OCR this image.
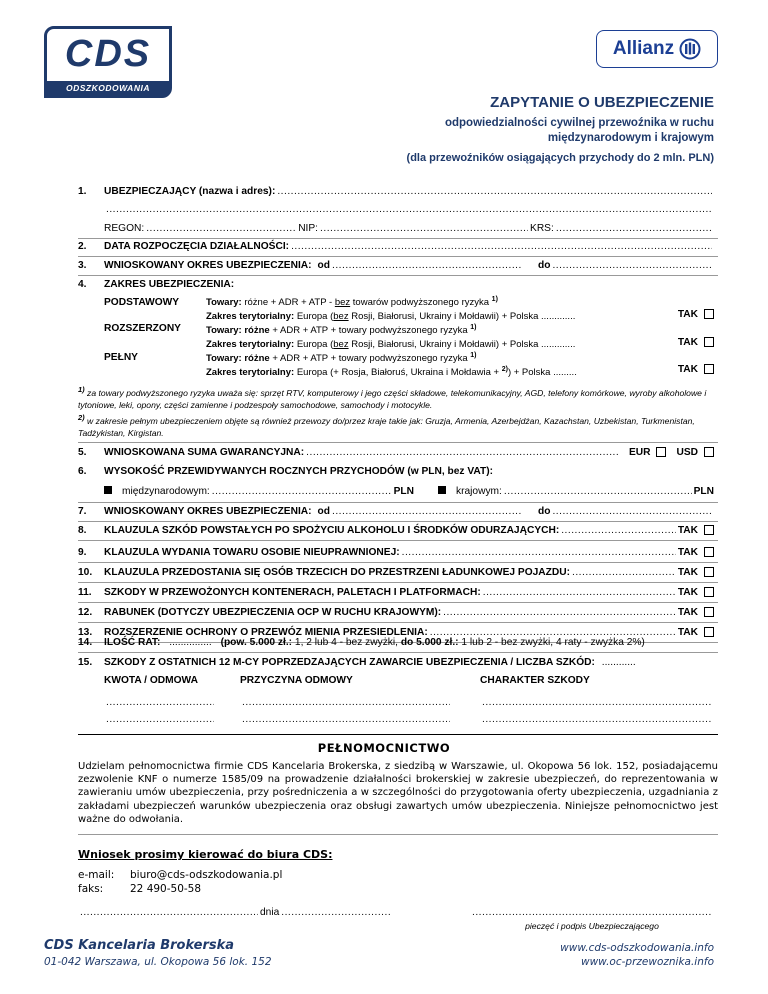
CDS
ODSZKODOWANIA
Allianz
ZAPYTANIE O UBEZPIECZENIE
odpowiedzialności cywilnej przewoźnika w ruchu
międzynarodowym i krajowym
(dla przewoźników osiągających przychody do 2 mln. PLN)
1. UBEZPIECZAJĄCY (nazwa i adres):
.....
.....
REGON: .....	NIP: .....	KRS:
.....
2. DATA ROZPOCZĘCIA DZIAŁALNOŚCI:
.....
3. WNIOSKOWANY OKRES UBEZPIECZENIA: od .....	do
.....
4. ZAKRES UBEZPIECZENIA:
PODSTAWOWY	Towary: różne + ADR + ATP - bez towarów podwyższonego ryzyka $^{1)}$
Zakres terytorialny: Europa (bez Rosji, Białorusi, Ukrainy i Mołdawii) + Polska .............	TAK
ROZSZERZONY	Towary: różne + ADR + ATP + towary podwyższonego ryzyka $^{1)}$
Zakres terytorialny: Europa (bez Rosji, Białorusi, Ukrainy i Mołdawii) + Polska .............	TAK
PEŁNY	Towary: różne + ADR + ATP + towary podwyższonego ryzyka $^{1)}$
Zakres terytorialny: Europa (+ Rosja, Białoruś, Ukraina i Mołdawia + $^{2)}$) + Polska .........	TAK
$^{1)}$ za towary podwyższonego ryzyka uważa się: sprzęt RTV, komputerowy i jego części składowe, telekomunikacyjny, AGD, telefony komórkowe, wyroby alkoholowe i tytoniowe, leki, opony, części zamienne i podzespoły samochodowe, samochody i motocykle.
$^{2)}$ w zakresie pełnym ubezpieczeniem objęte są również przewozy do/przez kraje takie jak: Gruzja, Armenia, Azerbejdżan, Kazachstan, Uzbekistan, Turkmenistan, Tadżykistan, Kirgistan.
5. WNIOSKOWANA SUMA GWARANCYJNA: .....	EUR	USD
6. WYSOKOŚĆ PRZEWIDYWANYCH ROCZNYCH PRZYCHODÓW (w PLN, bez VAT):
międzynarodowym: .....	PLN	krajowym: .....	PLN
7. WNIOSKOWANY OKRES UBEZPIECZENIA: od .....	do
.....
8. KLAUZULA SZKÓD POWSTAŁYCH PO SPOŻYCIU ALKOHOLU I ŚRODKÓW ODURZAJĄCYCH: .....	TAK
9. KLAUZULA WYDANIA TOWARU OSOBIE NIEUPRAWNIONEJ: .....	TAK
10. KLAUZULA PRZEDOSTANIA SIĘ OSÓB TRZECICH DO PRZESTRZENI ŁADUNKOWEJ POJAZDU: .....	TAK
11. SZKODY W PRZEWOŻONYCH KONTENERACH, PALETACH I PLATFORMACH: .....	TAK
12. RABUNEK (DOTYCZY UBEZPIECZENIA OCP W RUCHU KRAJOWYM): .....	TAK
13. ROZSZERZENIE OCHRONY O PRZEWÓZ MIENIA PRZESIEDLENIA: .....	TAK
14. ILOŚĆ RAT: ............... (pow. 5.000 zł.: 1, 2 lub 4 - bez zwyżki, do 5.000 zł.: 1 lub 2 - bez zwyżki, 4 raty - zwyżka 2%)
15. SZKODY Z OSTATNICH 12 M-CY POPRZEDZAJĄCYCH ZAWARCIE UBEZPIECZENIA / LICZBA SZKÓD: ............
KWOTA / ODMOWA	PRZYCZYNA ODMOWY	CHARAKTER SZKODY
.....
.....
.....
.....
.....
.....
PEŁNOMOCNICTWO
Udzielam pełnomocnictwa firmie CDS Kancelaria Brokerska, z siedzibą w Warszawie, ul. Okopowa 56 lok. 152, posiadającemu zezwolenie KNF o numerze 1585/09 na prowadzenie działalności brokerskiej w zakresie ubezpieczeń, do reprezentowania w zawieraniu umów ubezpieczenia, przy pośredniczenia a w szczególności do przygotowania oferty ubezpieczenia, uzgadniania z zakładami ubezpieczeń warunków ubezpieczenia oraz obsługi zawartych umów ubezpieczenia. Niniejsze pełnomocnictwo jest ważne do odwołania.
Wniosek prosimy kierować do biura CDS:
e-mail: biuro@cds-odszkodowania.pl
faks:	22 490-50-58
.....
dnia
.....
.....
pieczęć i podpis Ubezpieczającego
CDS Kancelaria Brokerska
01-042 Warszawa, ul. Okopowa 56 lok. 152
www.cds-odszkodowania.info
www.oc-przewoznika.info
